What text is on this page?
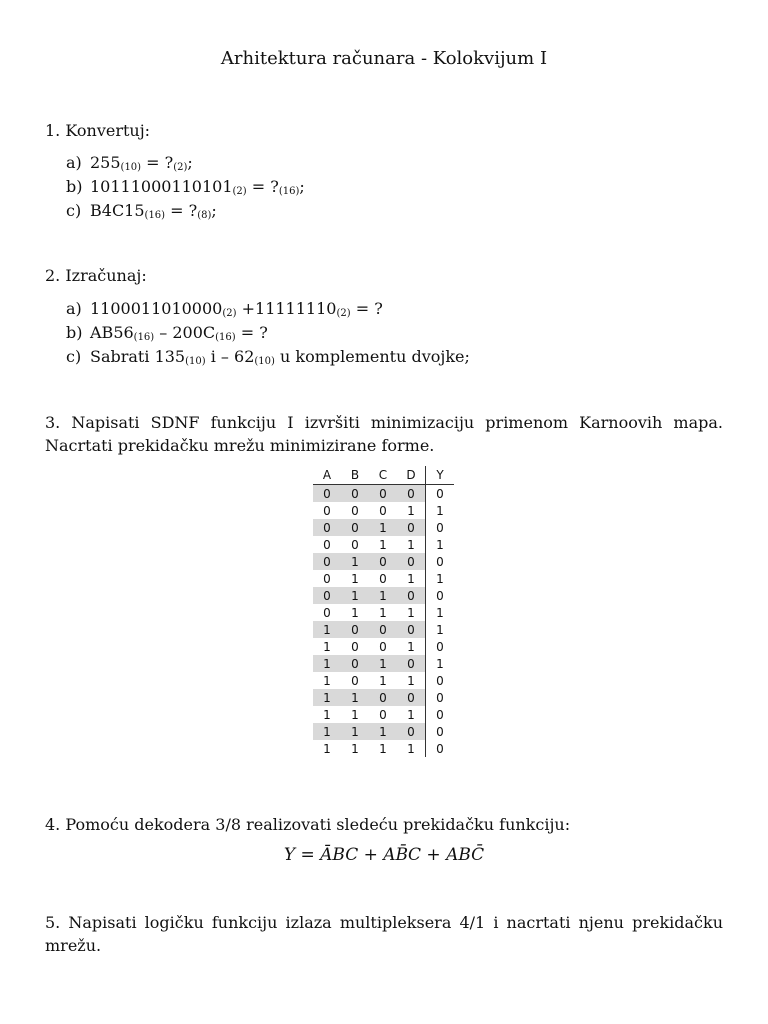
Arhitektura računara - Kolokvijum I
1. Konvertuj:
a) $255_{(10)}$ = $?_{(2)}$;
b) $10111000110101_{(2)}$ = $?_{(16)}$;
c) $B4C15_{(16)}$ = $?_{(8)}$;
2. Izračunaj:
a) $1100011010000_{(2)} +11111110_{(2)}$ = ?
b) $AB56_{(16)} - 200C_{(16)}$ = ?
c) Sabrati $135_{(10)}$ i – $62_{(10)}$ u komplementu dvojke;
3. Napisati SDNF funkciju I izvršiti minimizaciju primenom Karnoovih mapa. Nacrtati prekidačku mrežu minimizirane forme.
A	B	C	D	Y
0	0	0	0	0
0	0	0	1	1
0	0	1	0	0
0	0	1	1	1
0	1	0	0	0
0	1	0	1	1
0	1	1	0	0
0	1	1	1	1
1	0	0	0	1
1	0	0	1	0
1	0	1	0	1
1	0	1	1	0
1	1	0	0	0
1	1	0	1	0
1	1	1	0	0
1	1	1	1	0
4. Pomoću dekodera 3/8 realizovati sledeću prekidačku funkciju:
Y = ĀBC + AB̄C + ABC̄
5. Napisati logičku funkciju izlaza multipleksera 4/1 i nacrtati njenu prekidačku mrežu.
